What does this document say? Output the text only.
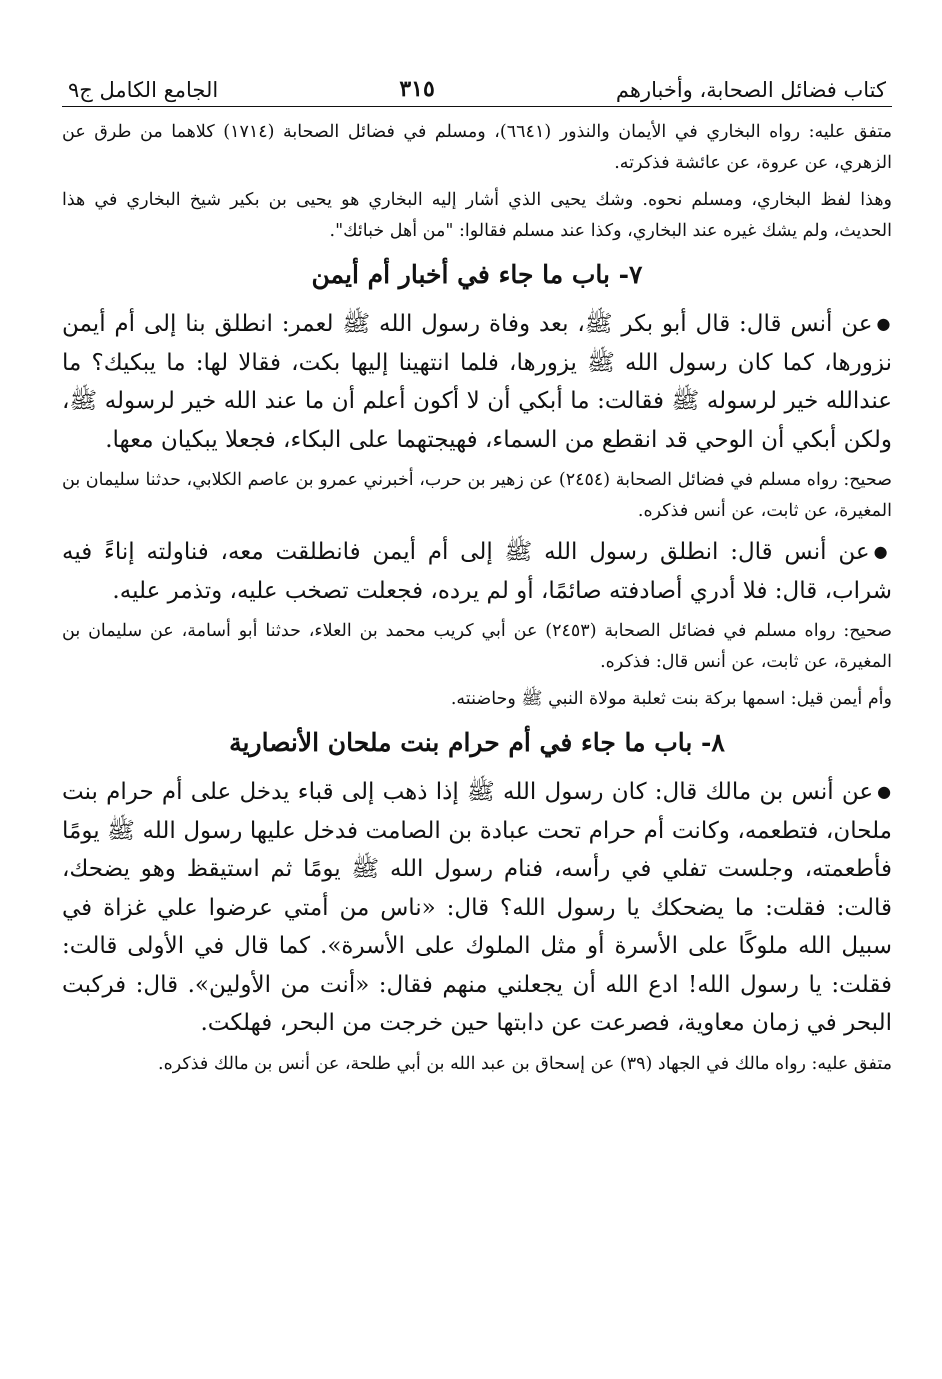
كتاب فضائل الصحابة، وأخبارهم
٣١٥
الجامع الكامل ج٩

متفق عليه: رواه البخاري في الأيمان والنذور (٦٦٤١)، ومسلم في فضائل الصحابة (١٧١٤) كلاهما من طرق عن الزهري، عن عروة، عن عائشة فذكرته.

وهذا لفظ البخاري، ومسلم نحوه. وشك يحيى الذي أشار إليه البخاري هو يحيى بن بكير شيخ البخاري في هذا الحديث، ولم يشك غيره عند البخاري، وكذا عند مسلم فقالوا: "من أهل خبائك".

٧- باب ما جاء في أخبار أم أيمن

●عن أنس قال: قال أبو بكر ﷺ، بعد وفاة رسول الله ﷺ لعمر: انطلق بنا إلى أم أيمن نزورها، كما كان رسول الله ﷺ يزورها، فلما انتهينا إليها بكت، فقالا لها: ما يبكيك؟ ما عندالله خير لرسوله ﷺ فقالت: ما أبكي أن لا أكون أعلم أن ما عند الله خير لرسوله ﷺ، ولكن أبكي أن الوحي قد انقطع من السماء، فهيجتهما على البكاء، فجعلا يبكيان معها.

صحيح: رواه مسلم في فضائل الصحابة (٢٤٥٤) عن زهير بن حرب، أخبرني عمرو بن عاصم الكلابي، حدثنا سليمان بن المغيرة، عن ثابت، عن أنس فذكره.

●عن أنس قال: انطلق رسول الله ﷺ إلى أم أيمن فانطلقت معه، فناولته إناءً فيه شراب، قال: فلا أدري أصادفته صائمًا، أو لم يرده، فجعلت تصخب عليه، وتذمر عليه.

صحيح: رواه مسلم في فضائل الصحابة (٢٤٥٣) عن أبي كريب محمد بن العلاء، حدثنا أبو أسامة، عن سليمان بن المغيرة، عن ثابت، عن أنس قال: فذكره.

وأم أيمن قيل: اسمها بركة بنت ثعلبة مولاة النبي ﷺ وحاضنته.

٨- باب ما جاء في أم حرام بنت ملحان الأنصارية

●عن أنس بن مالك قال: كان رسول الله ﷺ إذا ذهب إلى قباء يدخل على أم حرام بنت ملحان، فتطعمه، وكانت أم حرام تحت عبادة بن الصامت فدخل عليها رسول الله ﷺ يومًا فأطعمته، وجلست تفلي في رأسه، فنام رسول الله ﷺ يومًا ثم استيقظ وهو يضحك، قالت: فقلت: ما يضحكك يا رسول الله؟ قال: «ناس من أمتي عرضوا علي غزاة في سبيل الله ملوكًا على الأسرة أو مثل الملوك على الأسرة». كما قال في الأولى قالت: فقلت: يا رسول الله! ادع الله أن يجعلني منهم فقال: «أنت من الأولين». قال: فركبت البحر في زمان معاوية، فصرعت عن دابتها حين خرجت من البحر، فهلكت.

متفق عليه: رواه مالك في الجهاد (٣٩) عن إسحاق بن عبد الله بن أبي طلحة، عن أنس بن مالك فذكره.
